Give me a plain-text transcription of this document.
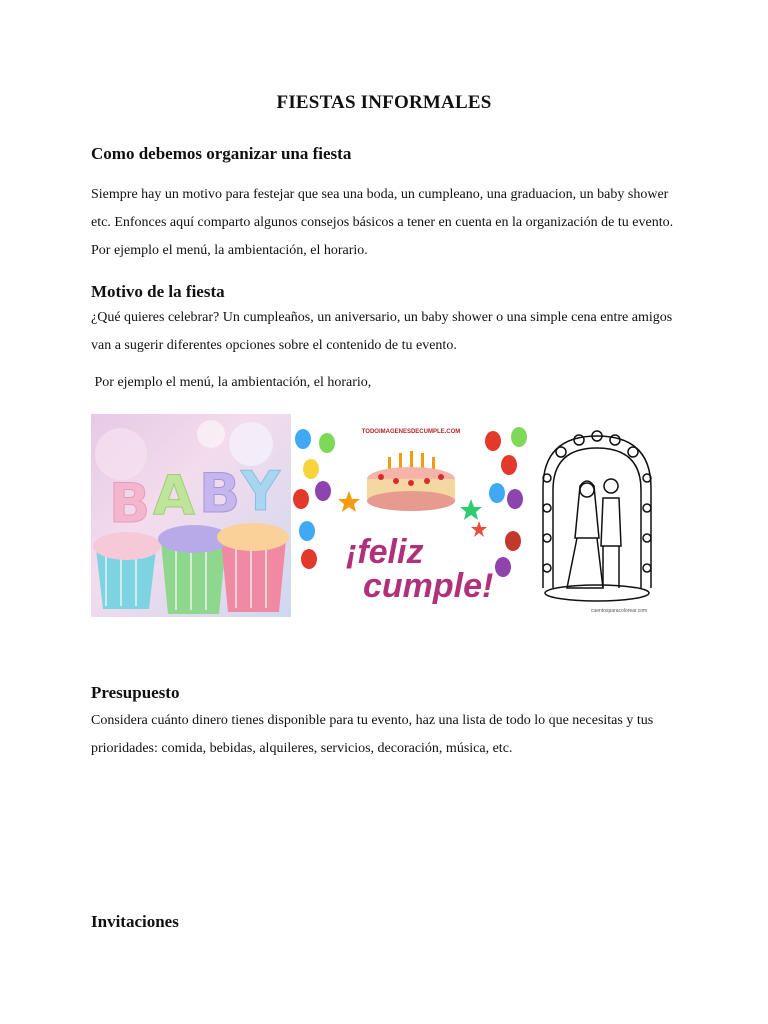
FIESTAS INFORMALES
Como debemos organizar una fiesta

Siempre hay un motivo para festejar que sea una boda, un cumpleano, una graduacion, un baby shower etc. Enfonces aquí comparto algunos consejos básicos a tener en cuenta en la organización de tu evento. Por ejemplo el menú, la ambientación, el horario.

Motivo de la fiesta

¿Qué quieres celebrar? Un cumpleaños, un aniversario, un baby shower o una simple cena entre amigos van a sugerir diferentes opciones sobre el contenido de tu evento.

Por ejemplo el menú, la ambientación, el horario,

B A B Y
TODOIMAGENESDECUMPLE.COM
¡feliz
cumple!
cuentosparacolorear.com
Presupuesto

Considera cuánto dinero tienes disponible para tu evento, haz una lista de todo lo que necesitas y tus prioridades: comida, bebidas, alquileres, servicios, decoración, música, etc.

Invitaciones
